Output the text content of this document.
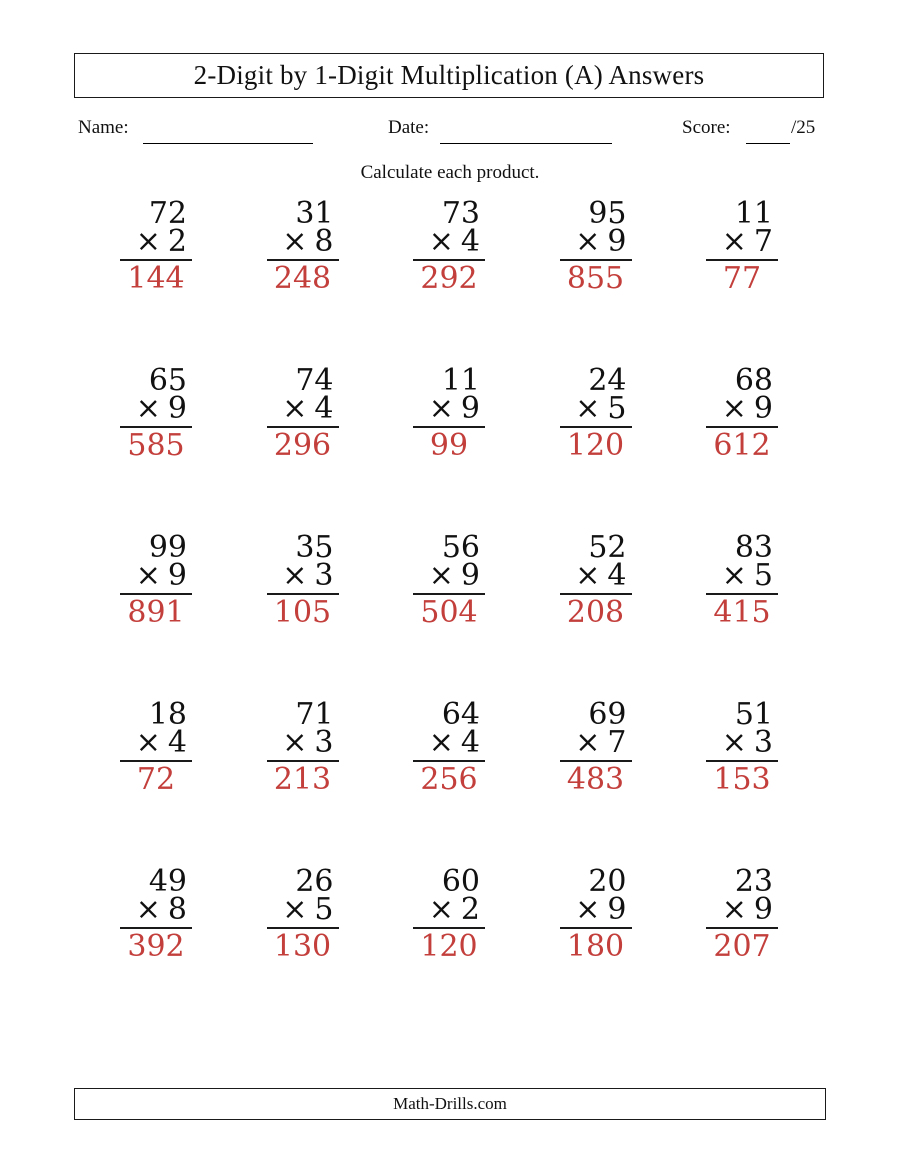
2-Digit by 1-Digit Multiplication (A) Answers
Name:	Date:	Score:	/25
Calculate each product.
72
× 2
144
31
× 8
248
73
× 4
292
95
× 9
855
11
× 7
77
65
× 9
585
74
× 4
296
11
× 9
99
24
× 5
120
68
× 9
612
99
× 9
891
35
× 3
105
56
× 9
504
52
× 4
208
83
× 5
415
18
× 4
72
71
× 3
213
64
× 4
256
69
× 7
483
51
× 3
153
49
× 8
392
26
× 5
130
60
× 2
120
20
× 9
180
23
× 9
207
Math-Drills.com
